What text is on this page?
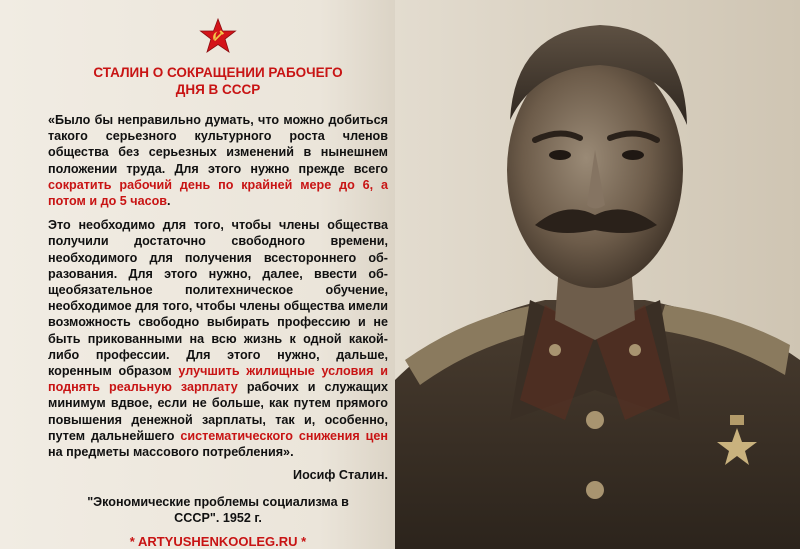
СТАЛИН О СОКРАЩЕНИИ РАБОЧЕГО
ДНЯ В СССР

«Было бы неправильно думать, что можно добиться такого серьезного культурного роста членов общества без серьезных изменений в нынешнем положении труда. Для этого нужно прежде всего сократить рабочий день по крайней мере до 6, а потом и до 5 часов.

Это необходимо для того, чтобы члены общества получили достаточно свободного времени, необходимого для получения всестороннего образования. Для этого нужно, далее, ввести общеобязательное политехническое обучение, необходимое для того, чтобы члены общества имели возможность свободно выбирать профессию и не быть прикованными на всю жизнь к одной какой-либо профессии. Для этого нужно, дальше, коренным образом улучшить жилищные условия и поднять реальную зарплату рабочих и служащих минимум вдвое, если не больше, как путем прямого повышения денежной зарплаты, так и, особенно, путем дальнейшего систематического снижения цен на предметы массового потребления».

Иосиф Сталин.
"Экономические проблемы социализма в
СССР". 1952 г.
* ARTYUSHENKOOLEG.RU *
